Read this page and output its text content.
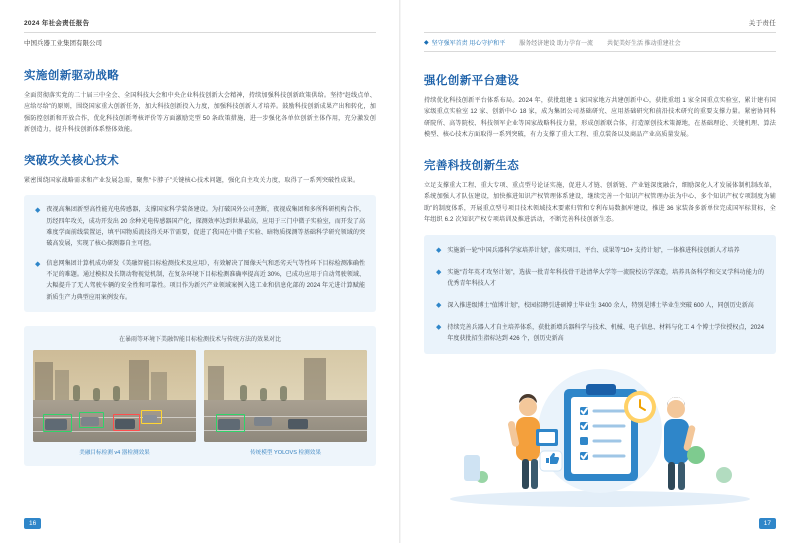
2024 年社会责任报告
中国兵器工业集团有限公司
实施创新驱动战略

全面贯彻落实党的二十届三中全会、全国科技大会和中央企业科技创新大会精神，持续加强科技创新政策供给。坚持“赶线点单、应给尽给”的原则，围绕国家重大创新任务，加大科技创新投入力度，加强科技创新人才培养。鼓励科技创新成果产出和转化，加强防控创新和开放合作，优化科技创新考核评价等方面激励完型 50 条政策措施，进一步强化各单位创新主体作用，充分激发创新创造力，提升科技创新体系整体效能。

突破攻关核心技术

紧密围绕国家战略需求和产业发展急需，聚焦“卡脖子”关键核心技术问题，强化自主攻关力度，取得了一系列突破性成果。

◆ 夜视高集团新型高性能光电传感器，支撑国家科学装备建设。为打破国外公司垄断，夜视成集团和多所科研机构合作，历经四年攻关，成功开发出 20 余种光电传感器国产化，探测效率达到世界最高，应用于三门中微子实验室，而开发了高难度学面前线装置运，填平国物质流技得关环节需要，促进了我国在中微子实验、暗物质探测等基础科学研究领域的突破高发展，实现了核心探测器自主可控。

◆ 信息网集团计算机成功研发《美融智能目标检测技术及应用》，有效解决了图像天气和恶劣天气等性环下目标检测准确性不足的难题。通过模拟及长期动物视觉机制，在复杂环境下目标检测准确率提高近 30%，已成功应用于自动驾驶领域、大幅提升了无人驾驶车辆的安全性和可靠性。项目作为新兴产业领域案例入选工业和信息化部的 2024 年元进计算赋能新质生产力典型应用案例发布。

在暴雨等环境下美融智能目标检测技术与传统方法的效果对比
美融目标检测 v4 器检测效果	传统模型 YOLOVS 检测效果
16
关于责任
◆ 坚守强军首责 用心守护和平 服务经济建设 助力孕育一流 共促美好生活 推动重建社会
强化创新平台建设

持续优化科技创新平台体系布局。2024 年，获批组建 1 家国家地方共建创新中心，获批重组 1 家全国重点实验室，累计建有国家级重点实验室 12 家、创新中心 18 家，成为集团公司基础研究、应用基础研究和前沿技术研究的重要支撑力量。紧密协同科研院所、高等院校、科技领军企业等国家战略科技力量，形成创新联合体，打造原创技术策源地，在基础理论、关键机理、算法模型、核心技术方面取得一系列突破，有力支撑了重大工程、重点装备以及商品产业高质量发展。

完善科技创新生态

立足支撑重大工程、重大专项、重点型号论证实施，促进人才链、创新链、产业链深度融合，细励深化人才发展体制机制改革，系统加强人才队伍建设，加快推进知识产权管理体系建设，继续完善一个知识产权管理办法为中心、多个知识产权专项制度为辅助”的制度体系，开展重点型号项目技术领域技术要素归管和专利布局数据库建设，推进 36 家装备多新单位完成国军标贯标，全年组织 6.2 次知识产权专项培训及推进活动，不断完善科技创新生态。

◆ 实施新一轮“中国兵器科学家培养计划”，落实项目、平台、成果等“10+ 支持计划”，一体推进科技创新人才培养

◆ 实施“青年英才攻坚计划”，选拔一批青年科技骨干赴清华大学等一流院校访学深造，培养具备科学和交叉学科功能力的优秀青年科技人才

◆ 深入推进级博士“值博计划”，校园招聘引进硕博士毕业生 3400 余人，特别是博士毕业生突破 600 人，同创历史新高

◆ 持续完善兵器人才自主培养体系，获批新增兵器科学与技术、机械、电子信息、材料与化工 4 个博士学位授权点，2024 年度获批招生指标达到 426 个，创历史新高

17
